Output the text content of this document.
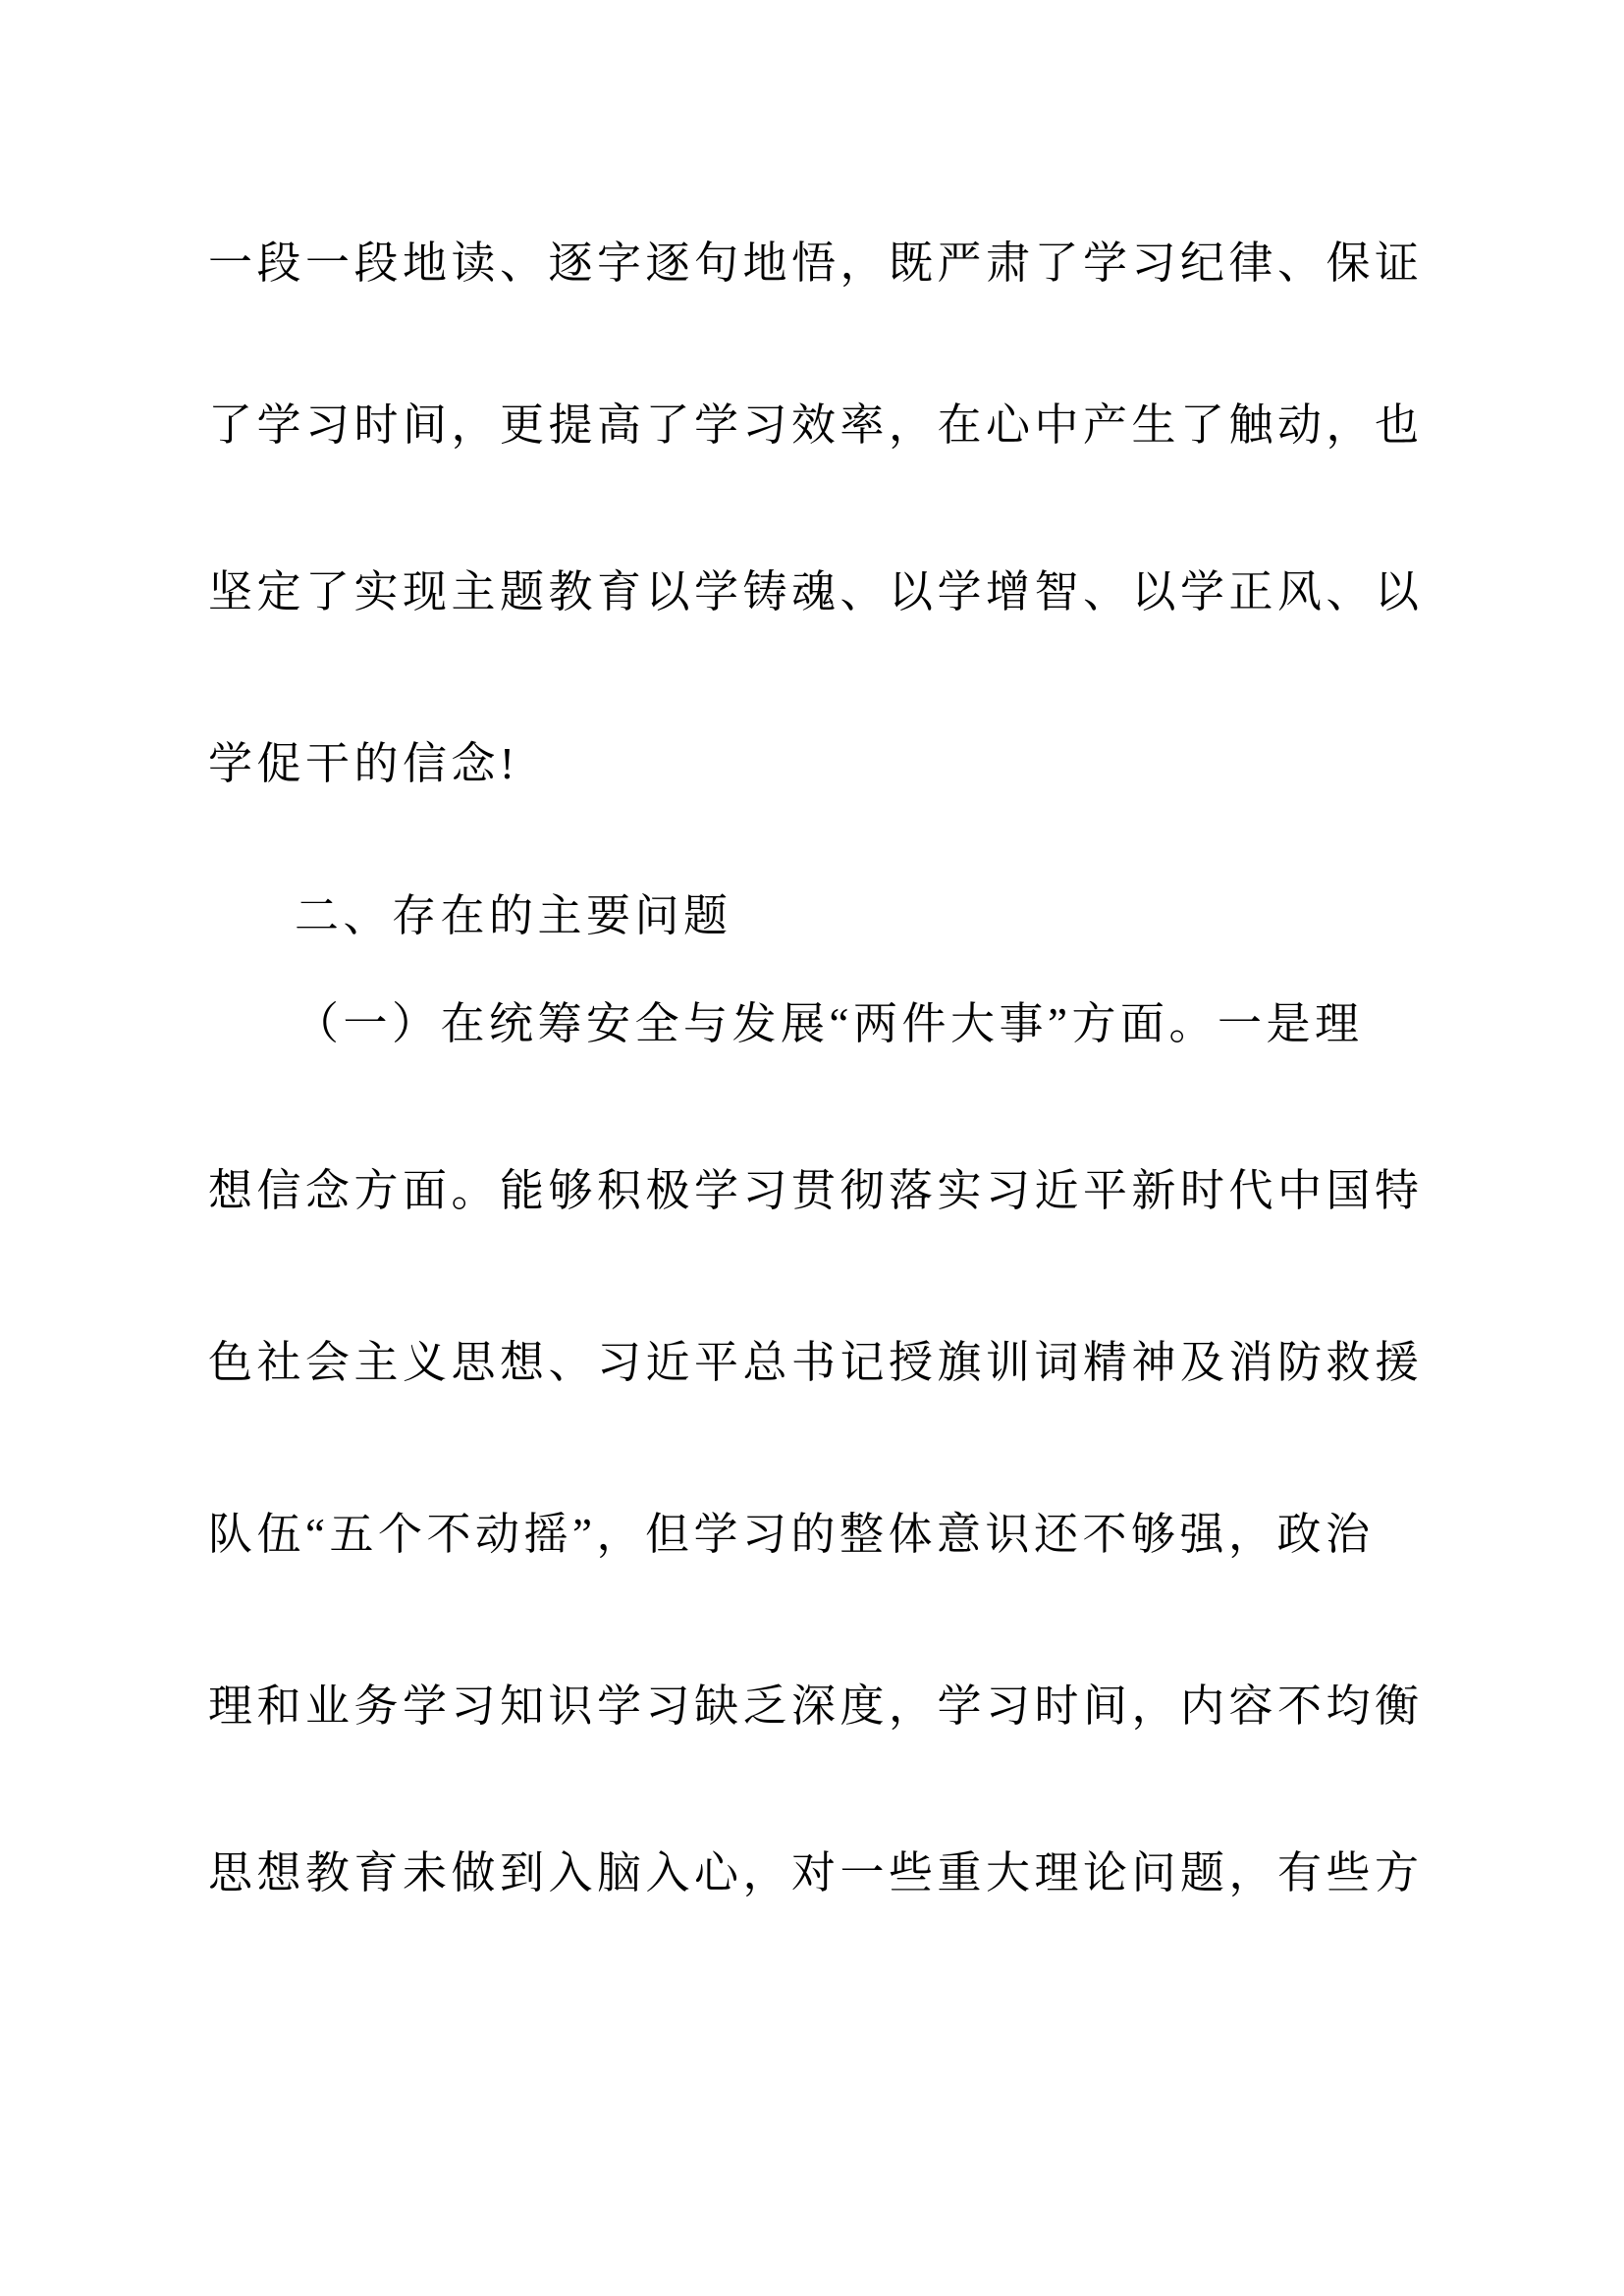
一段一段地读、逐字逐句地悟，既严肃了学习纪律、保证
了学习时间，更提高了学习效率，在心中产生了触动，也
坚定了实现主题教育以学铸魂、以学增智、以学正风、以
学促干的信念!
二、存在的主要问题
（一）在统筹安全与发展“两件大事”方面。一是理
想信念方面。能够积极学习贯彻落实习近平新时代中国特
色社会主义思想、习近平总书记授旗训词精神及消防救援
队伍“五个不动摇”，但学习的整体意识还不够强，政治
理和业务学习知识学习缺乏深度，学习时间，内容不均衡
思想教育未做到入脑入心，对一些重大理论问题，有些方
